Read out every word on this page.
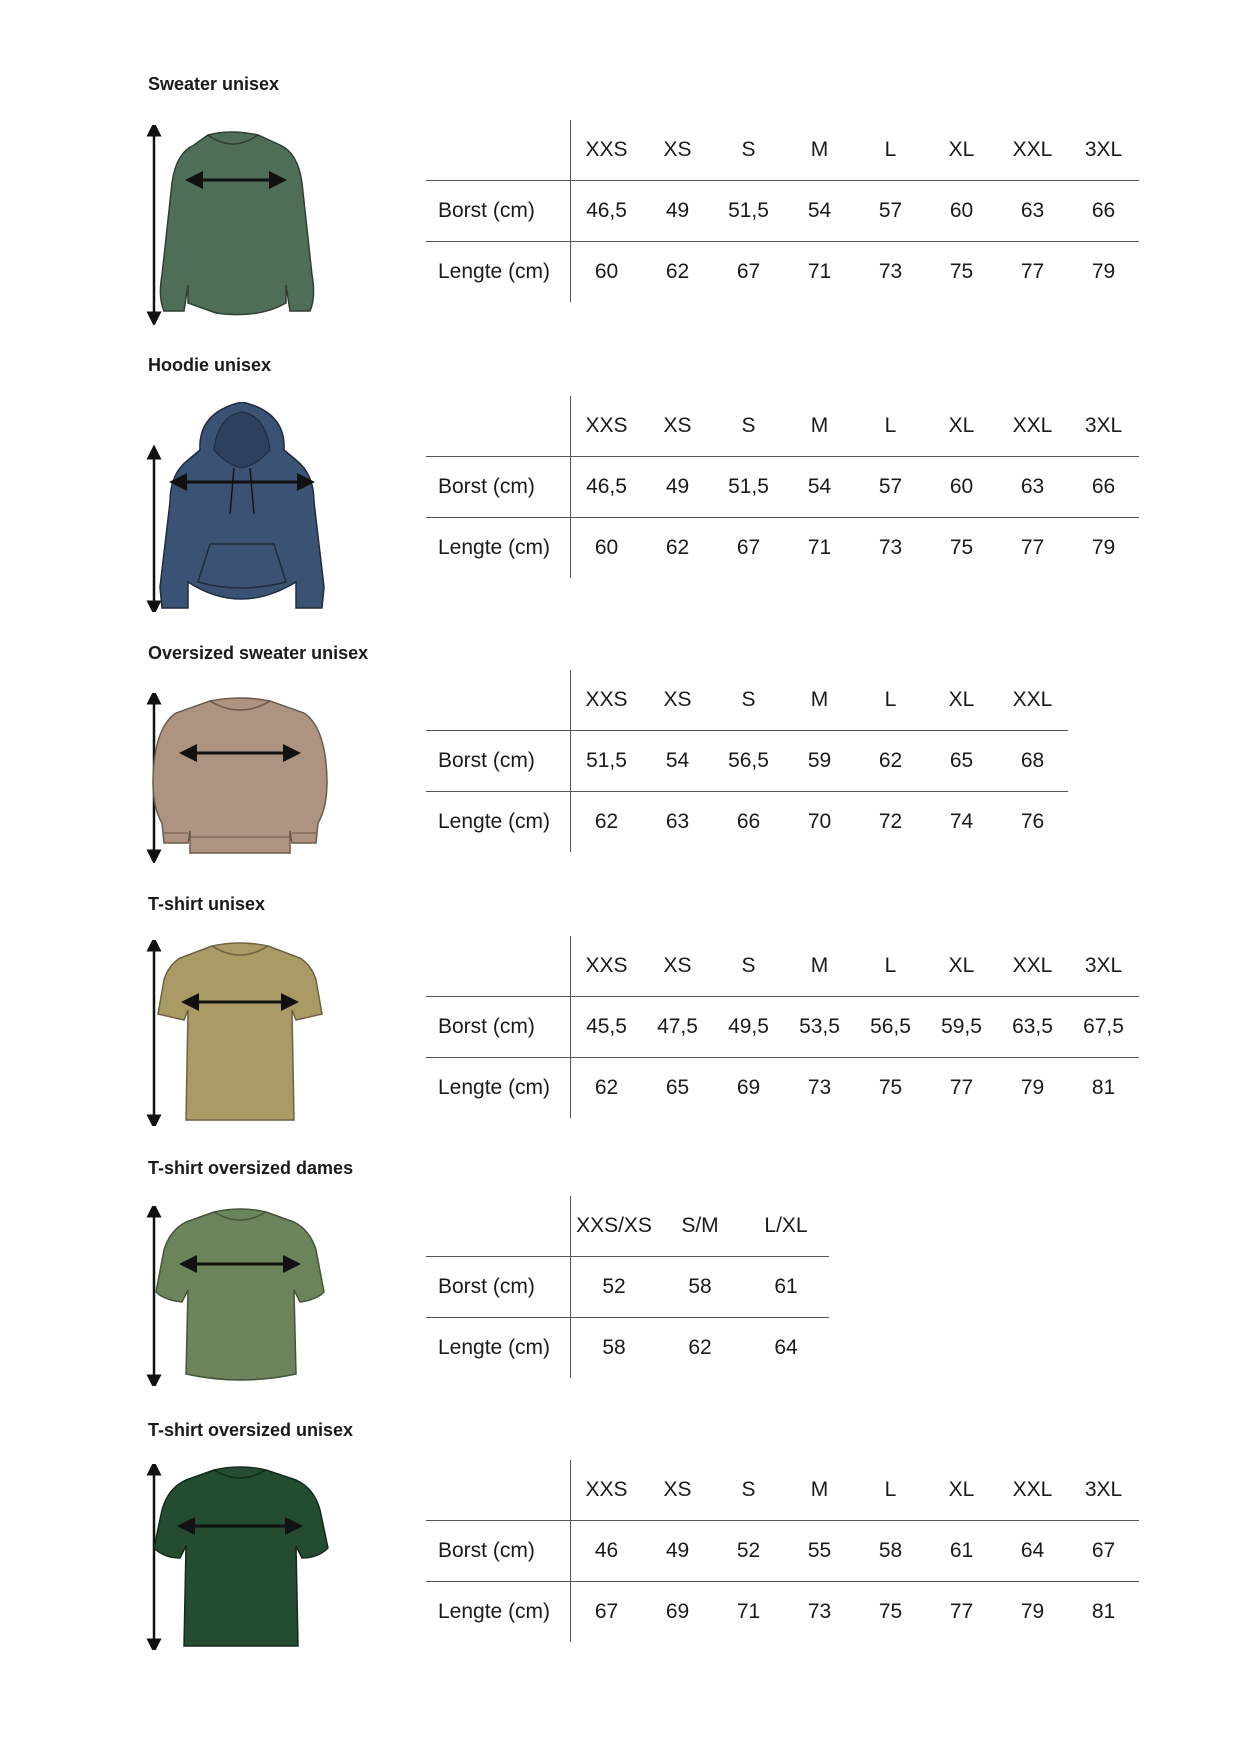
Sweater unisex
	XXS	XS	S	M	L	XL	XXL	3XL
Borst (cm)	46,5	49	51,5	54	57	60	63	66
Lengte (cm)	60	62	67	71	73	75	77	79
Hoodie unisex
	XXS	XS	S	M	L	XL	XXL	3XL
Borst (cm)	46,5	49	51,5	54	57	60	63	66
Lengte (cm)	60	62	67	71	73	75	77	79
Oversized sweater unisex
	XXS	XS	S	M	L	XL	XXL
Borst (cm)	51,5	54	56,5	59	62	65	68
Lengte (cm)	62	63	66	70	72	74	76
T-shirt unisex
	XXS	XS	S	M	L	XL	XXL	3XL
Borst (cm)	45,5	47,5	49,5	53,5	56,5	59,5	63,5	67,5
Lengte (cm)	62	65	69	73	75	77	79	81
T-shirt oversized dames
	XXS/XS	S/M	L/XL
Borst (cm)	52	58	61
Lengte (cm)	58	62	64
T-shirt oversized unisex
	XXS	XS	S	M	L	XL	XXL	3XL
Borst (cm)	46	49	52	55	58	61	64	67
Lengte (cm)	67	69	71	73	75	77	79	81
